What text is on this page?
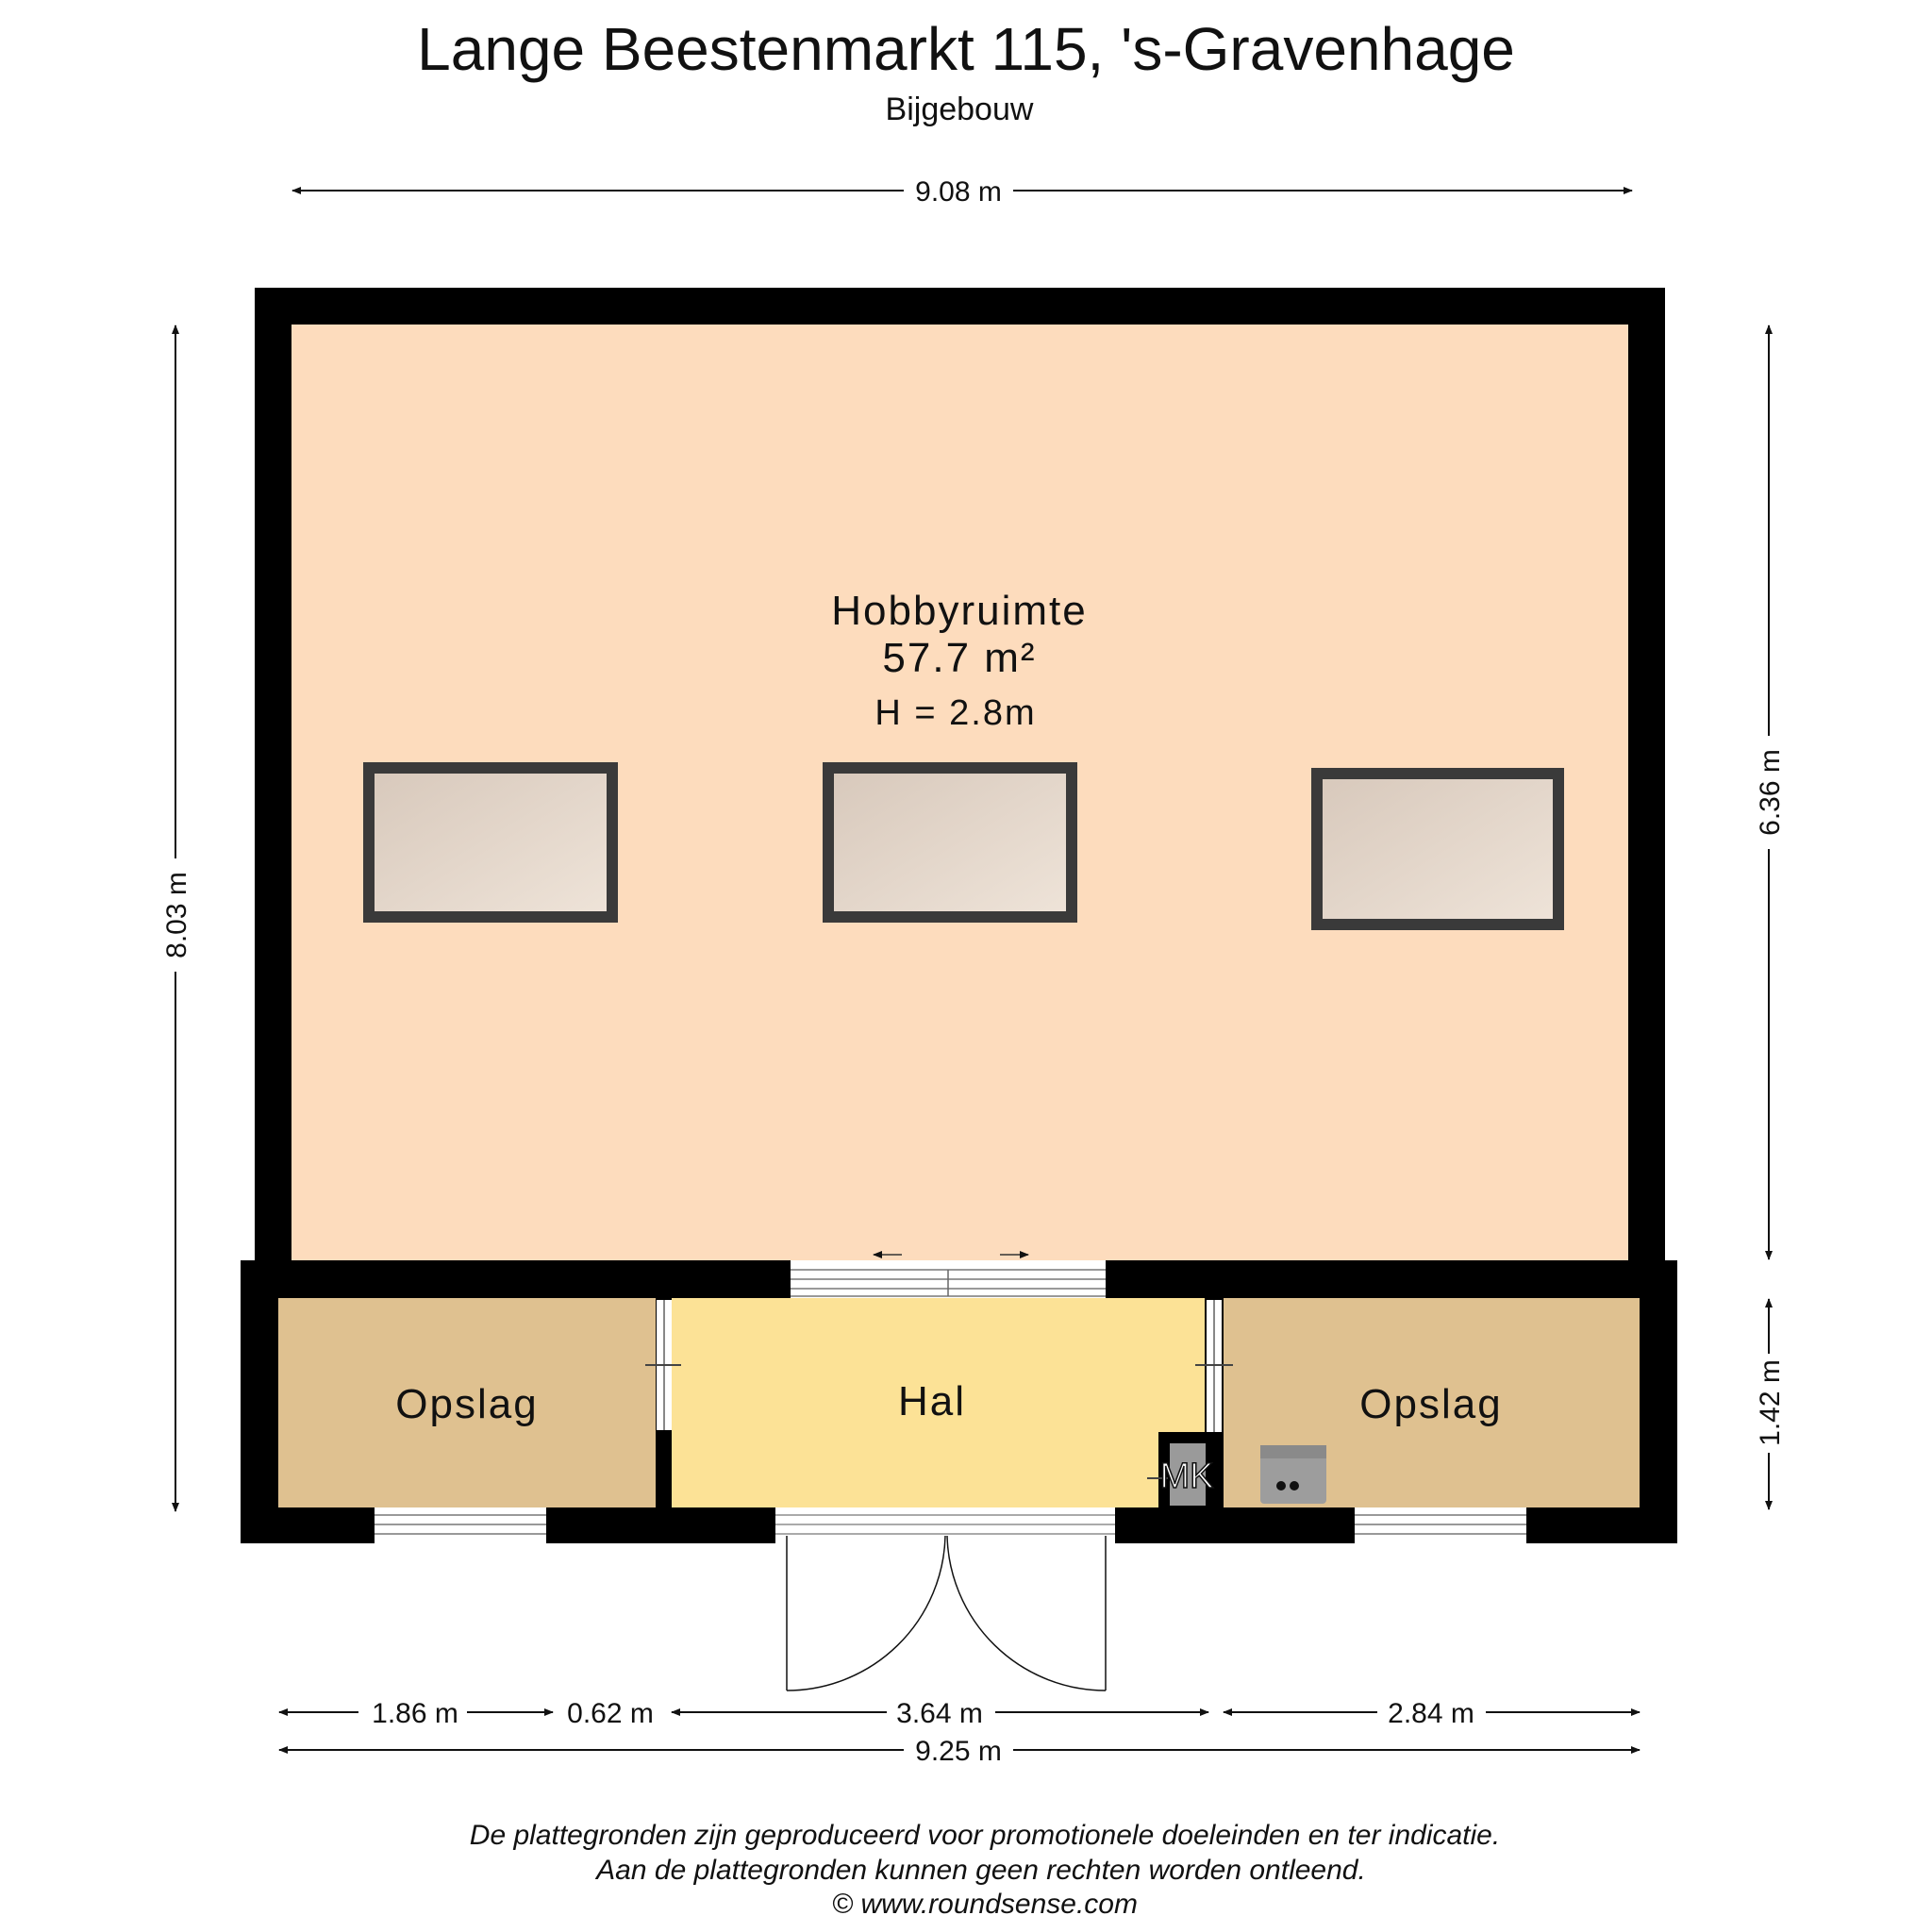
Lange Beestenmarkt 115, 's-Gravenhage
Bijgebouw
9.08 m
8.03 m
6.36 m
1.42 m
Hobbyruimte
57.7 m²
H = 2.8m
Opslag	Hal	Opslag
MK
1.86 m	0.62 m	3.64 m	2.84 m
9.25 m
De plattegronden zijn geproduceerd voor promotionele doeleinden en ter indicatie.
Aan de plattegronden kunnen geen rechten worden ontleend.
© www.roundsense.com
